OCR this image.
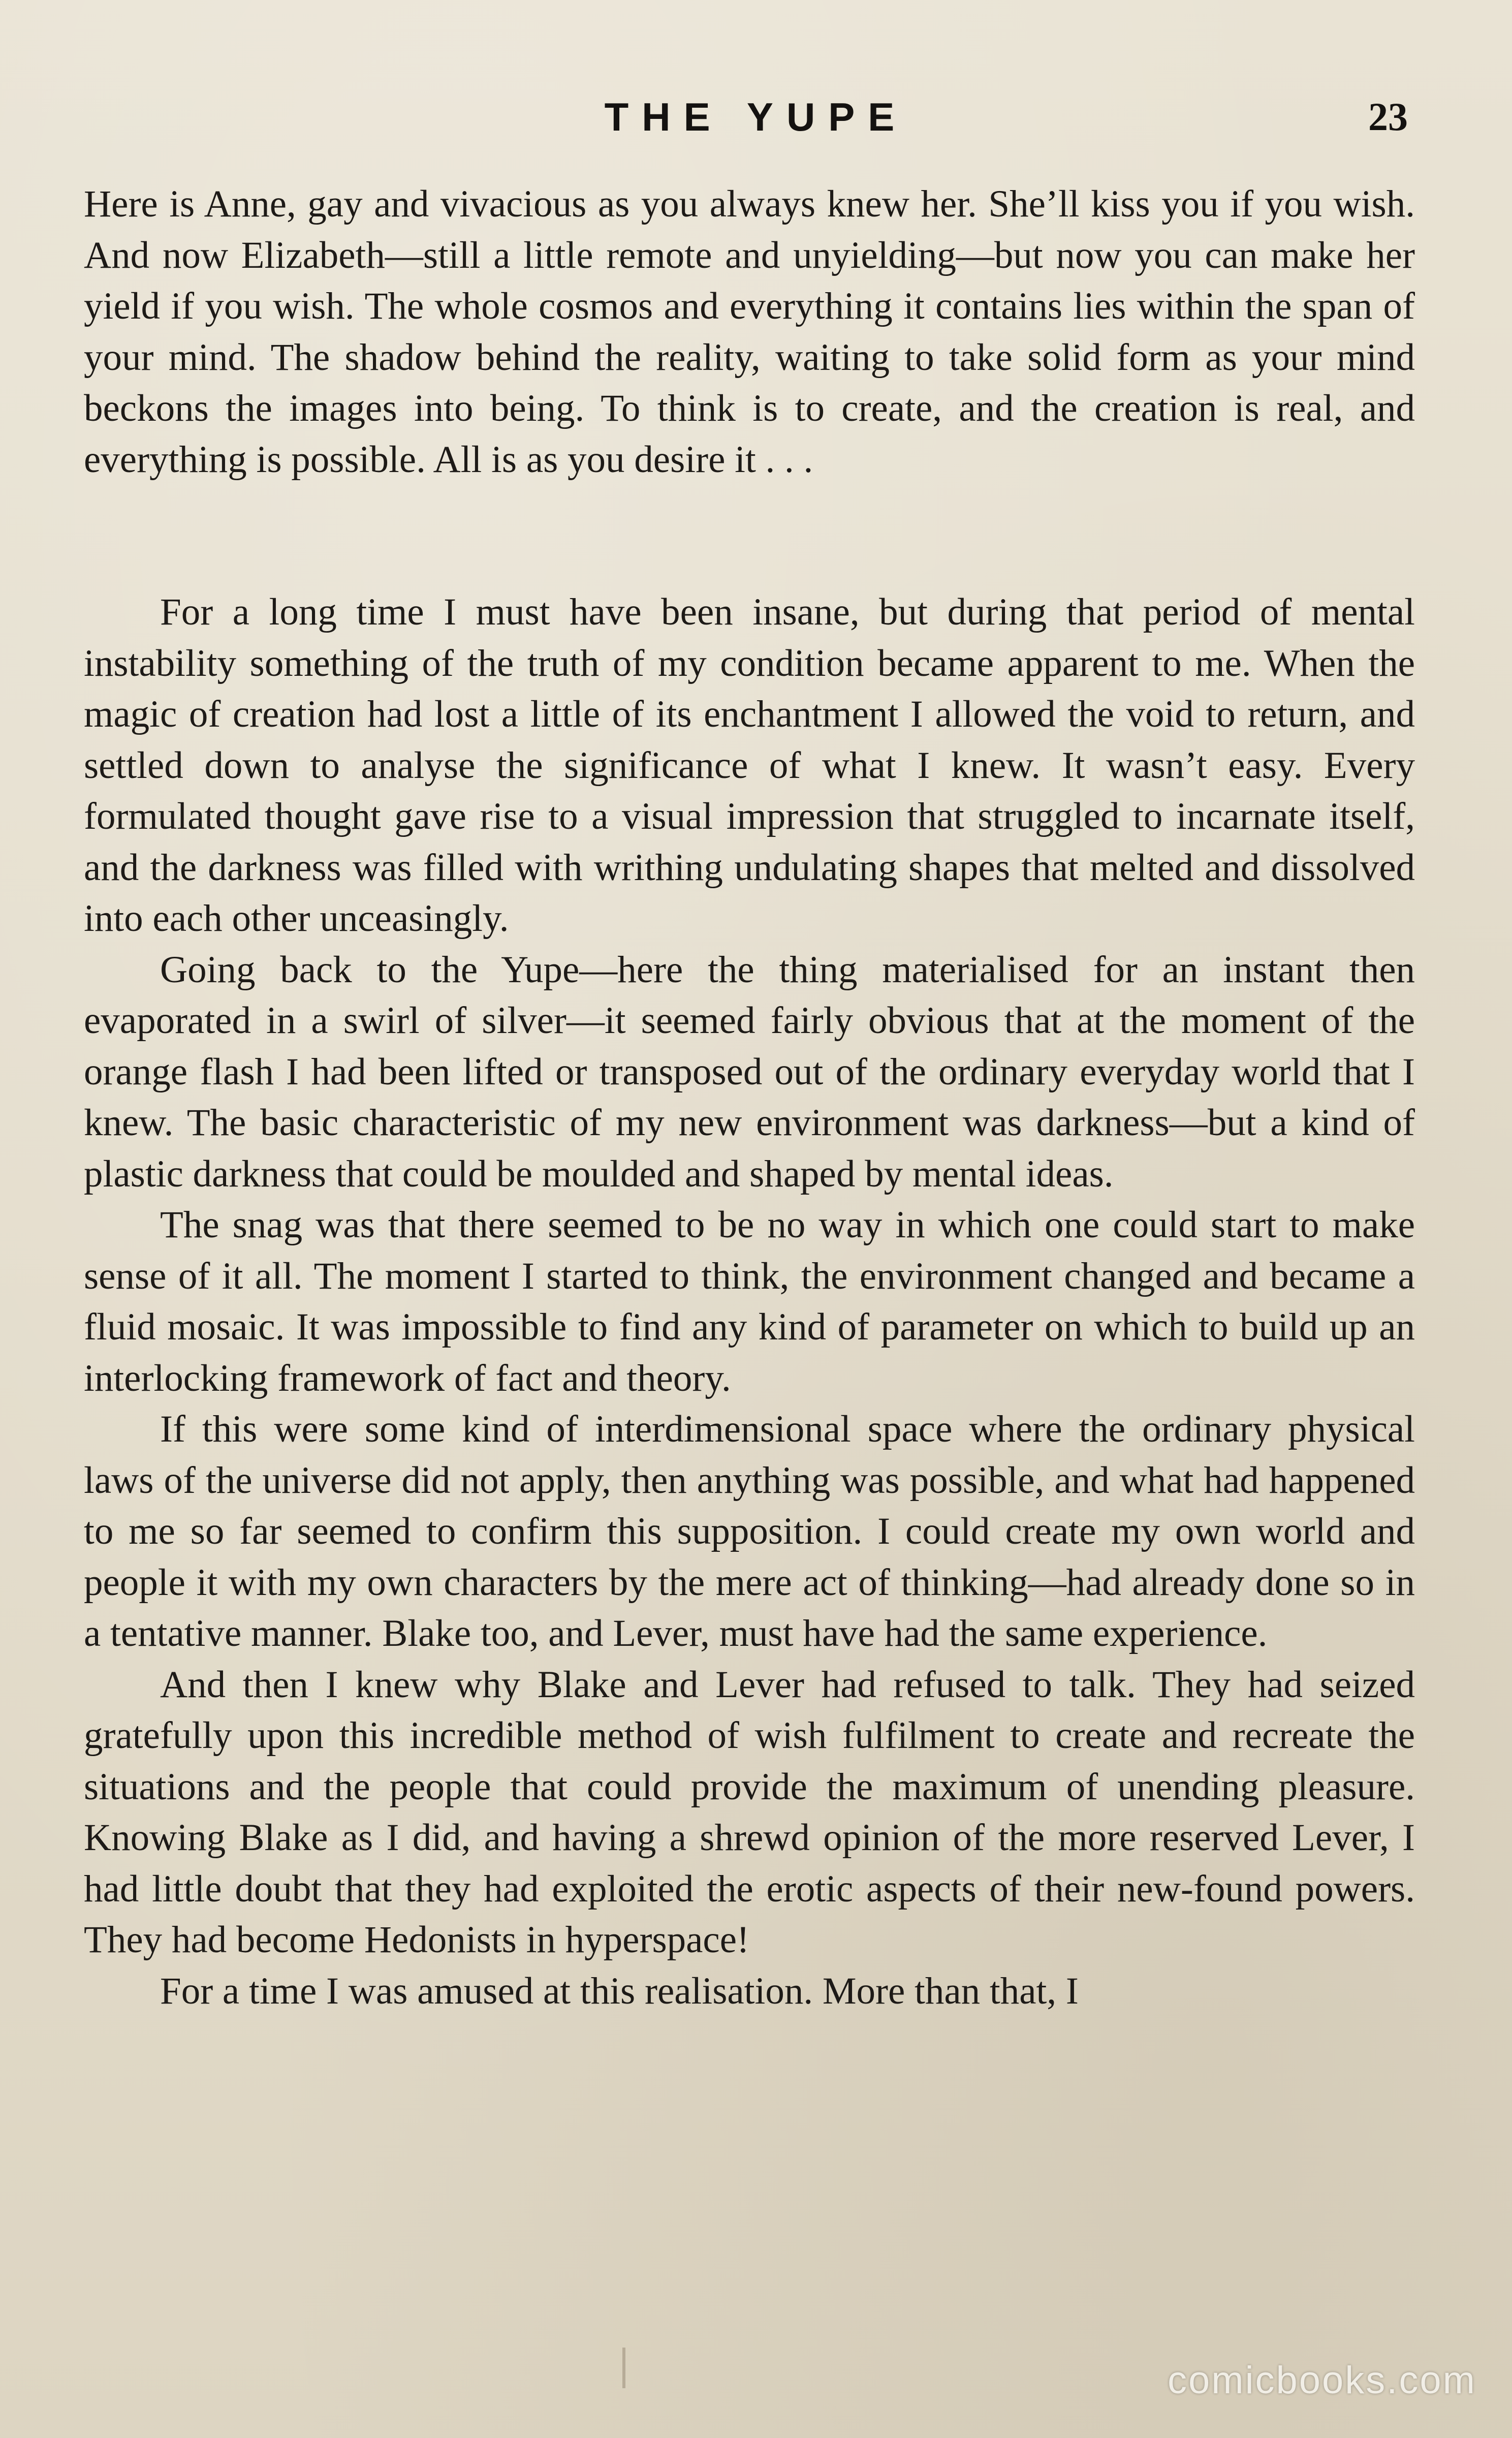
THE YUPE	23

Here is Anne, gay and vivacious as you always knew her. She’ll kiss you if you wish. And now Elizabeth—still a little remote and unyielding—but now you can make her yield if you wish. The whole cosmos and everything it contains lies within the span of your mind. The shadow behind the reality, waiting to take solid form as your mind beckons the images into being. To think is to create, and the creation is real, and everything is possible. All is as you desire it . . .

For a long time I must have been insane, but during that period of mental instability something of the truth of my condition became apparent to me. When the magic of creation had lost a little of its enchantment I allowed the void to return, and settled down to analyse the significance of what I knew. It wasn’t easy. Every formulated thought gave rise to a visual impression that struggled to incarnate itself, and the darkness was filled with writhing undulating shapes that melted and dissolved into each other unceasingly.

Going back to the Yupe—here the thing materialised for an instant then evaporated in a swirl of silver—it seemed fairly obvious that at the moment of the orange flash I had been lifted or transposed out of the ordinary everyday world that I knew. The basic characteristic of my new environment was darkness—but a kind of plastic darkness that could be moulded and shaped by mental ideas.

The snag was that there seemed to be no way in which one could start to make sense of it all. The moment I started to think, the environment changed and became a fluid mosaic. It was impossible to find any kind of parameter on which to build up an interlocking framework of fact and theory.

If this were some kind of interdimensional space where the ordinary physical laws of the universe did not apply, then anything was possible, and what had happened to me so far seemed to confirm this supposition. I could create my own world and people it with my own characters by the mere act of thinking—had already done so in a tentative manner. Blake too, and Lever, must have had the same experience.

And then I knew why Blake and Lever had refused to talk. They had seized gratefully upon this incredible method of wish fulfilment to create and recreate the situations and the people that could provide the maximum of unending pleasure. Knowing Blake as I did, and having a shrewd opinion of the more reserved Lever, I had little doubt that they had exploited the erotic aspects of their new-found powers. They had become Hedonists in hyperspace!

For a time I was amused at this realisation. More than that, I

comicbooks.com
